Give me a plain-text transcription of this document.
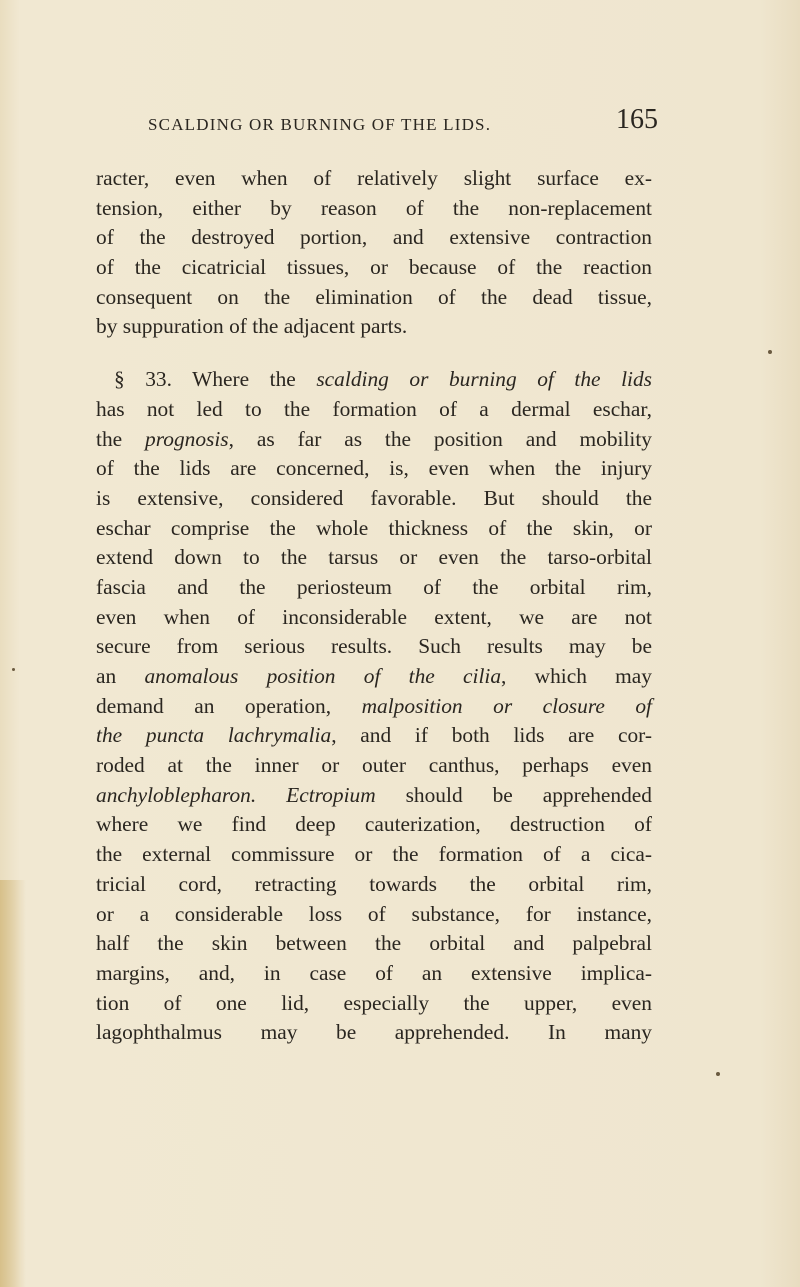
SCALDING OR BURNING OF THE LIDS.	165
racter, even when of relatively slight surface ex-
tension, either by reason of the non-replacement
of the destroyed portion, and extensive contraction
of the cicatricial tissues, or because of the reaction
consequent on the elimination of the dead tissue,
by suppuration of the adjacent parts.
§ 33. Where the scalding or burning of the lids
has not led to the formation of a dermal eschar,
the prognosis, as far as the position and mobility
of the lids are concerned, is, even when the injury
is extensive, considered favorable. But should the
eschar comprise the whole thickness of the skin, or
extend down to the tarsus or even the tarso-orbital
fascia and the periosteum of the orbital rim,
even when of inconsiderable extent, we are not
secure from serious results. Such results may be
an anomalous position of the cilia, which may
demand an operation, malposition or closure of
the puncta lachrymalia, and if both lids are cor-
roded at the inner or outer canthus, perhaps even
anchyloblepharon. Ectropium should be apprehended
where we find deep cauterization, destruction of
the external commissure or the formation of a cica-
tricial cord, retracting towards the orbital rim,
or a considerable loss of substance, for instance,
half the skin between the orbital and palpebral
margins, and, in case of an extensive implica-
tion of one lid, especially the upper, even
lagophthalmus may be apprehended. In many
